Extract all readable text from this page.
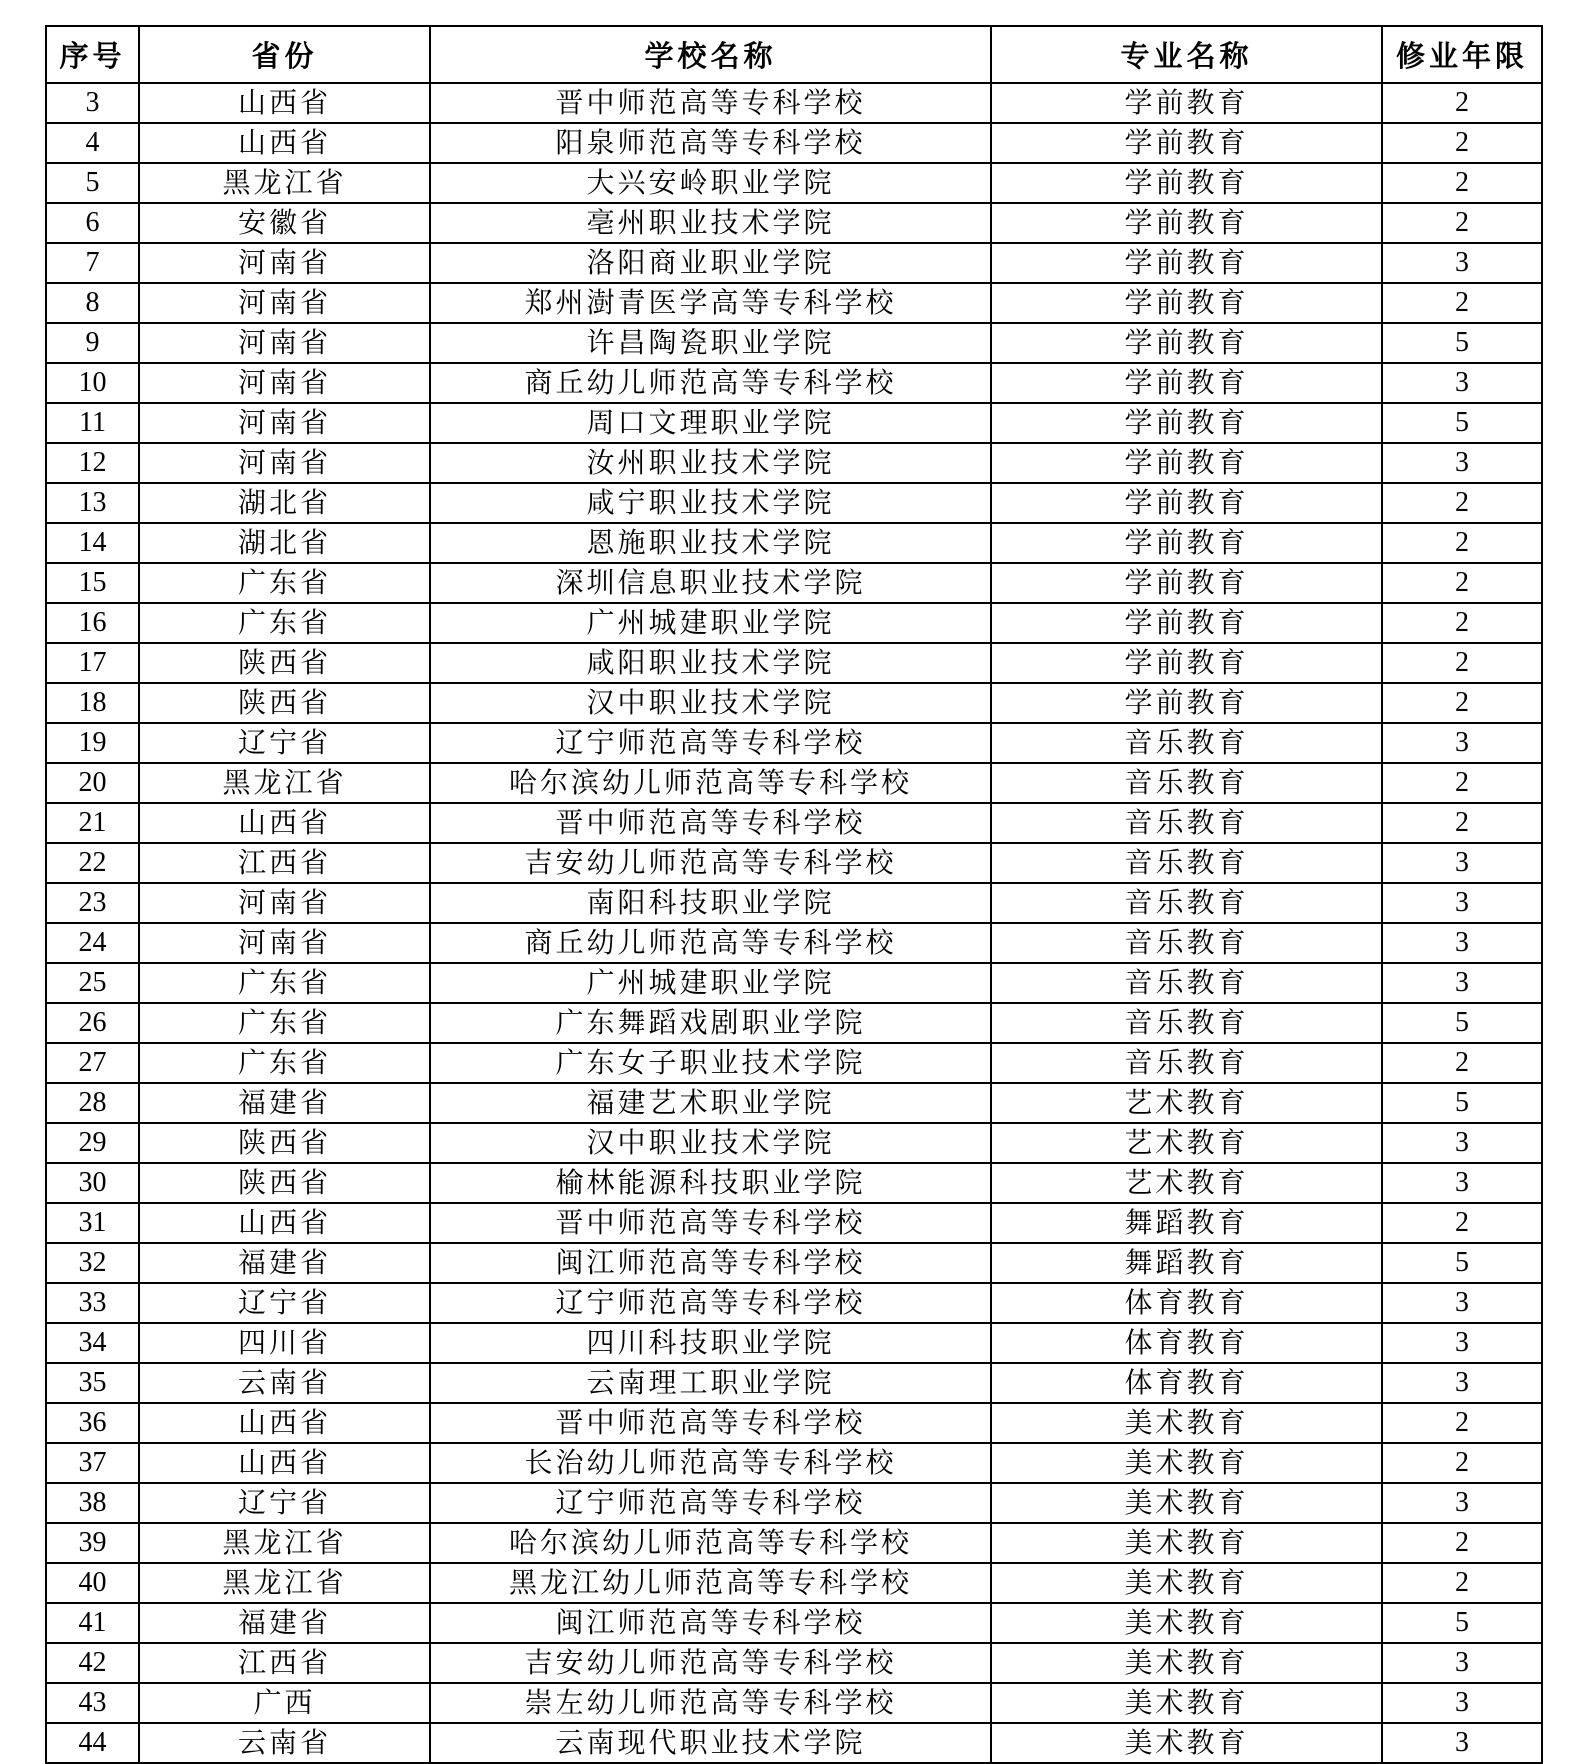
序号	省份	学校名称	专业名称	修业年限
3	山西省	晋中师范高等专科学校	学前教育	2
4	山西省	阳泉师范高等专科学校	学前教育	2
5	黑龙江省	大兴安岭职业学院	学前教育	2
6	安徽省	亳州职业技术学院	学前教育	2
7	河南省	洛阳商业职业学院	学前教育	3
8	河南省	郑州澍青医学高等专科学校	学前教育	2
9	河南省	许昌陶瓷职业学院	学前教育	5
10	河南省	商丘幼儿师范高等专科学校	学前教育	3
11	河南省	周口文理职业学院	学前教育	5
12	河南省	汝州职业技术学院	学前教育	3
13	湖北省	咸宁职业技术学院	学前教育	2
14	湖北省	恩施职业技术学院	学前教育	2
15	广东省	深圳信息职业技术学院	学前教育	2
16	广东省	广州城建职业学院	学前教育	2
17	陕西省	咸阳职业技术学院	学前教育	2
18	陕西省	汉中职业技术学院	学前教育	2
19	辽宁省	辽宁师范高等专科学校	音乐教育	3
20	黑龙江省	哈尔滨幼儿师范高等专科学校	音乐教育	2
21	山西省	晋中师范高等专科学校	音乐教育	2
22	江西省	吉安幼儿师范高等专科学校	音乐教育	3
23	河南省	南阳科技职业学院	音乐教育	3
24	河南省	商丘幼儿师范高等专科学校	音乐教育	3
25	广东省	广州城建职业学院	音乐教育	3
26	广东省	广东舞蹈戏剧职业学院	音乐教育	5
27	广东省	广东女子职业技术学院	音乐教育	2
28	福建省	福建艺术职业学院	艺术教育	5
29	陕西省	汉中职业技术学院	艺术教育	3
30	陕西省	榆林能源科技职业学院	艺术教育	3
31	山西省	晋中师范高等专科学校	舞蹈教育	2
32	福建省	闽江师范高等专科学校	舞蹈教育	5
33	辽宁省	辽宁师范高等专科学校	体育教育	3
34	四川省	四川科技职业学院	体育教育	3
35	云南省	云南理工职业学院	体育教育	3
36	山西省	晋中师范高等专科学校	美术教育	2
37	山西省	长治幼儿师范高等专科学校	美术教育	2
38	辽宁省	辽宁师范高等专科学校	美术教育	3
39	黑龙江省	哈尔滨幼儿师范高等专科学校	美术教育	2
40	黑龙江省	黑龙江幼儿师范高等专科学校	美术教育	2
41	福建省	闽江师范高等专科学校	美术教育	5
42	江西省	吉安幼儿师范高等专科学校	美术教育	3
43	广西	崇左幼儿师范高等专科学校	美术教育	3
44	云南省	云南现代职业技术学院	美术教育	3
